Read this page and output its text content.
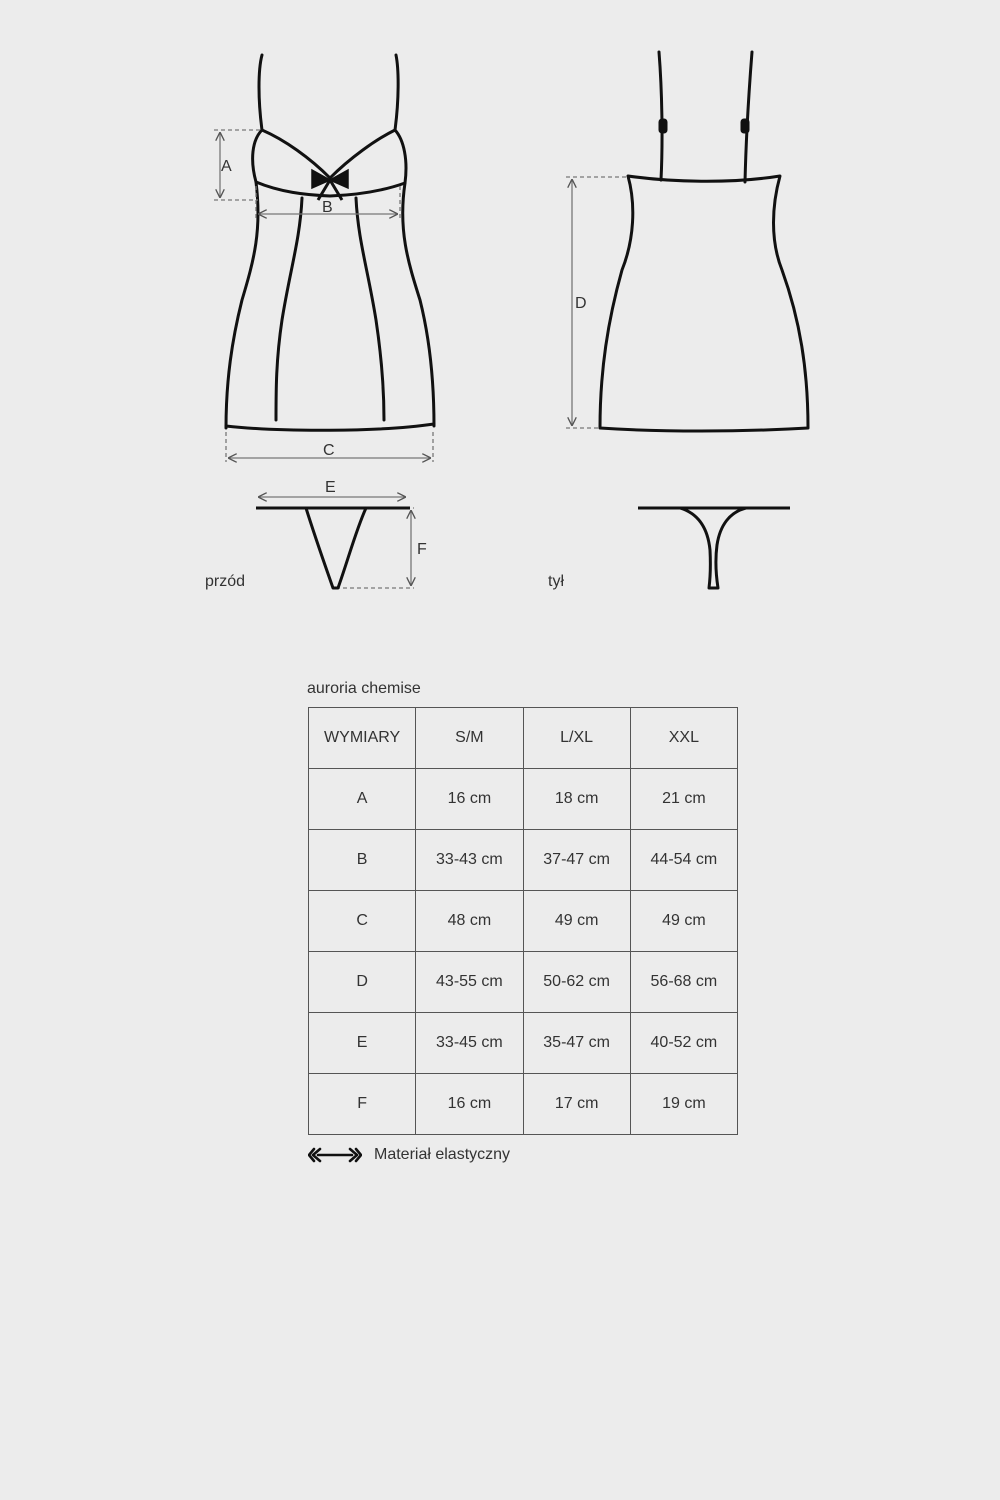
A
B
C
E
F
przód
D
tył
auroria chemise
WYMIARY	S/M	L/XL	XXL
A	16 cm	18 cm	21 cm
B	33-43 cm	37-47 cm	44-54 cm
C	48 cm	49 cm	49 cm
D	43-55 cm	50-62 cm	56-68 cm
E	33-45 cm	35-47 cm	40-52 cm
F	16 cm	17 cm	19 cm
Materiał elastyczny
